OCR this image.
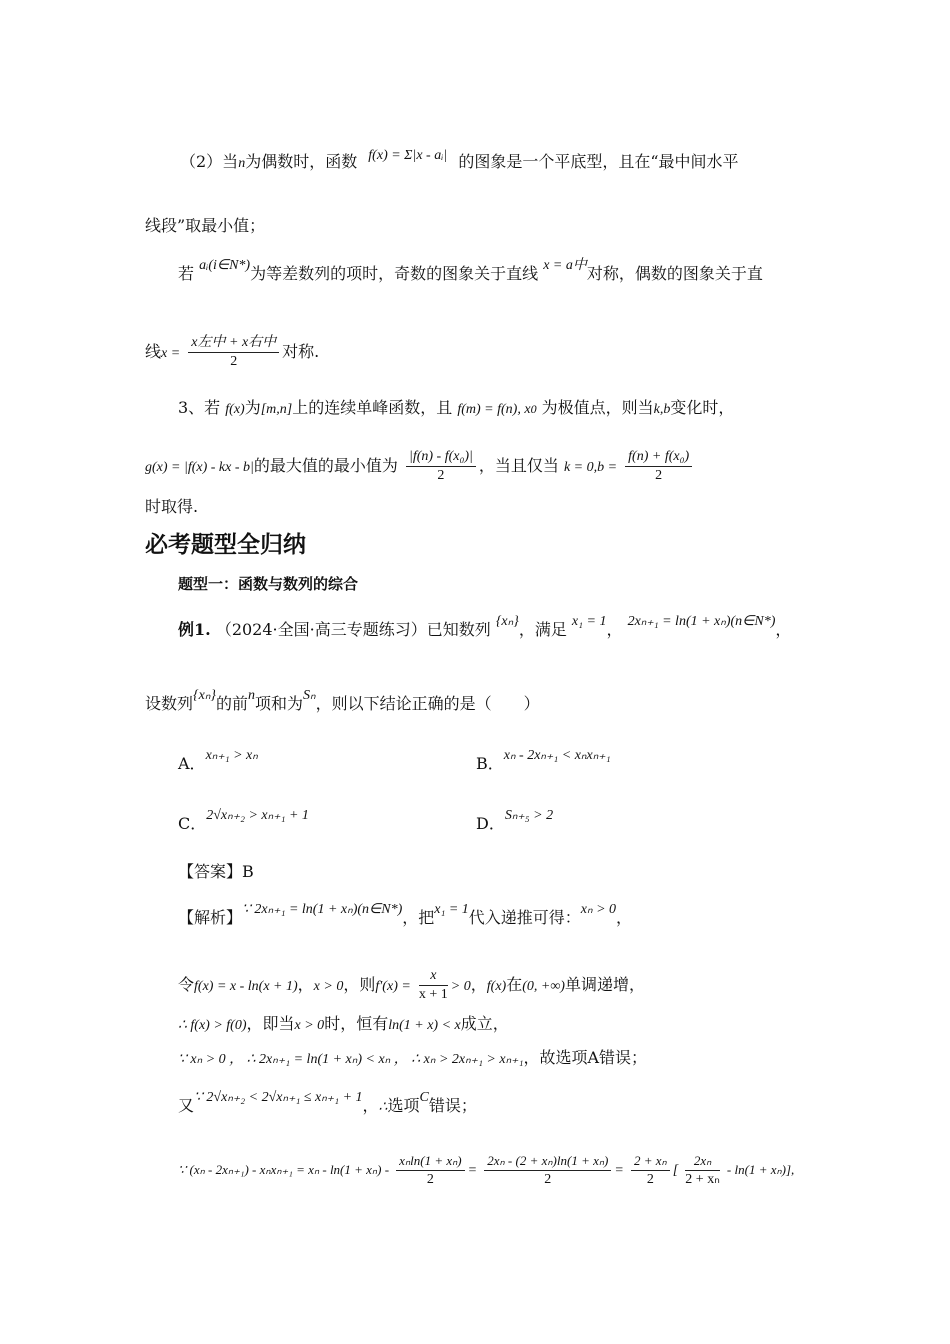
（2）当n为偶数时，函数 f(x) = Σ|x - aᵢ| 的图象是一个平底型，且在“最中间水平
线段”取最小值；
若 aᵢ(i∈N*)为等差数列的项时，奇数的图象关于直线 x = a中对称，偶数的图象关于直
线$x = \frac{\text{x左中 + x右中}}{2}$ 对称.
3、若 f(x)为[m,n]上的连续单峰函数，且 f(m) = f(n), x0 为极值点，则当k,b变化时，
g(x) = |f(x) - kx - b|的最大值的最小值为 $\frac{\text{|f(n) - f(x₀)|}}{2}$ ，当且仅当 $k = 0,b = \frac{\text{f(n) + f(x₀)}}{2}$
时取得.
必考题型全归纳
题型一：函数与数列的综合
例1. （2024·全国·高三专题练习）已知数列 {xₙ}，满足 x₁ = 1， 2xₙ₊₁ = ln(1 + xₙ)(n∈N*)，
设数列{xₙ}的前n项和为Sₙ，则以下结论正确的是（　　）
A．xₙ₊₁ > xₙ	B．xₙ - 2xₙ₊₁ < xₙxₙ₊₁
C．2√xₙ₊₂ > xₙ₊₁ + 1	D．Sₙ₊₅ > 2
【答案】B
【解析】∵ 2xₙ₊₁ = ln(1 + xₙ)(n∈N*)，把x₁ = 1代入递推可得：xₙ > 0，
令f(x) = x - ln(x + 1)，x > 0，则$f'(x) = \frac{x}{x + 1} > 0$，f(x)在(0, +∞)单调递增，
∴ f(x) > f(0)，即当x > 0时，恒有ln(1 + x) < x成立，
∵ xₙ > 0 ， ∴ 2xₙ₊₁ = ln(1 + xₙ) < xₙ ， ∴ xₙ > 2xₙ₊₁ > xₙ₊₁，故选项A错误；
又∵ 2√xₙ₊₂ < 2√xₙ₊₁ ≤ xₙ₊₁ + 1，∴选项C错误；
∵ $(x_n - 2x_{n+1}) - x_nx_{n+1} = x_n - \ln(1 + x_n) - \frac{\text{xₙln(1 + xₙ)}}{2} = \frac{\text{2xₙ - (2 + xₙ)ln(1 + xₙ)}}{2} = \frac{\text{2 + xₙ}}{2}$ [ $\frac{\text{2xₙ}}{\text{2 + xₙ}} - \ln(1 + x_n)$],
